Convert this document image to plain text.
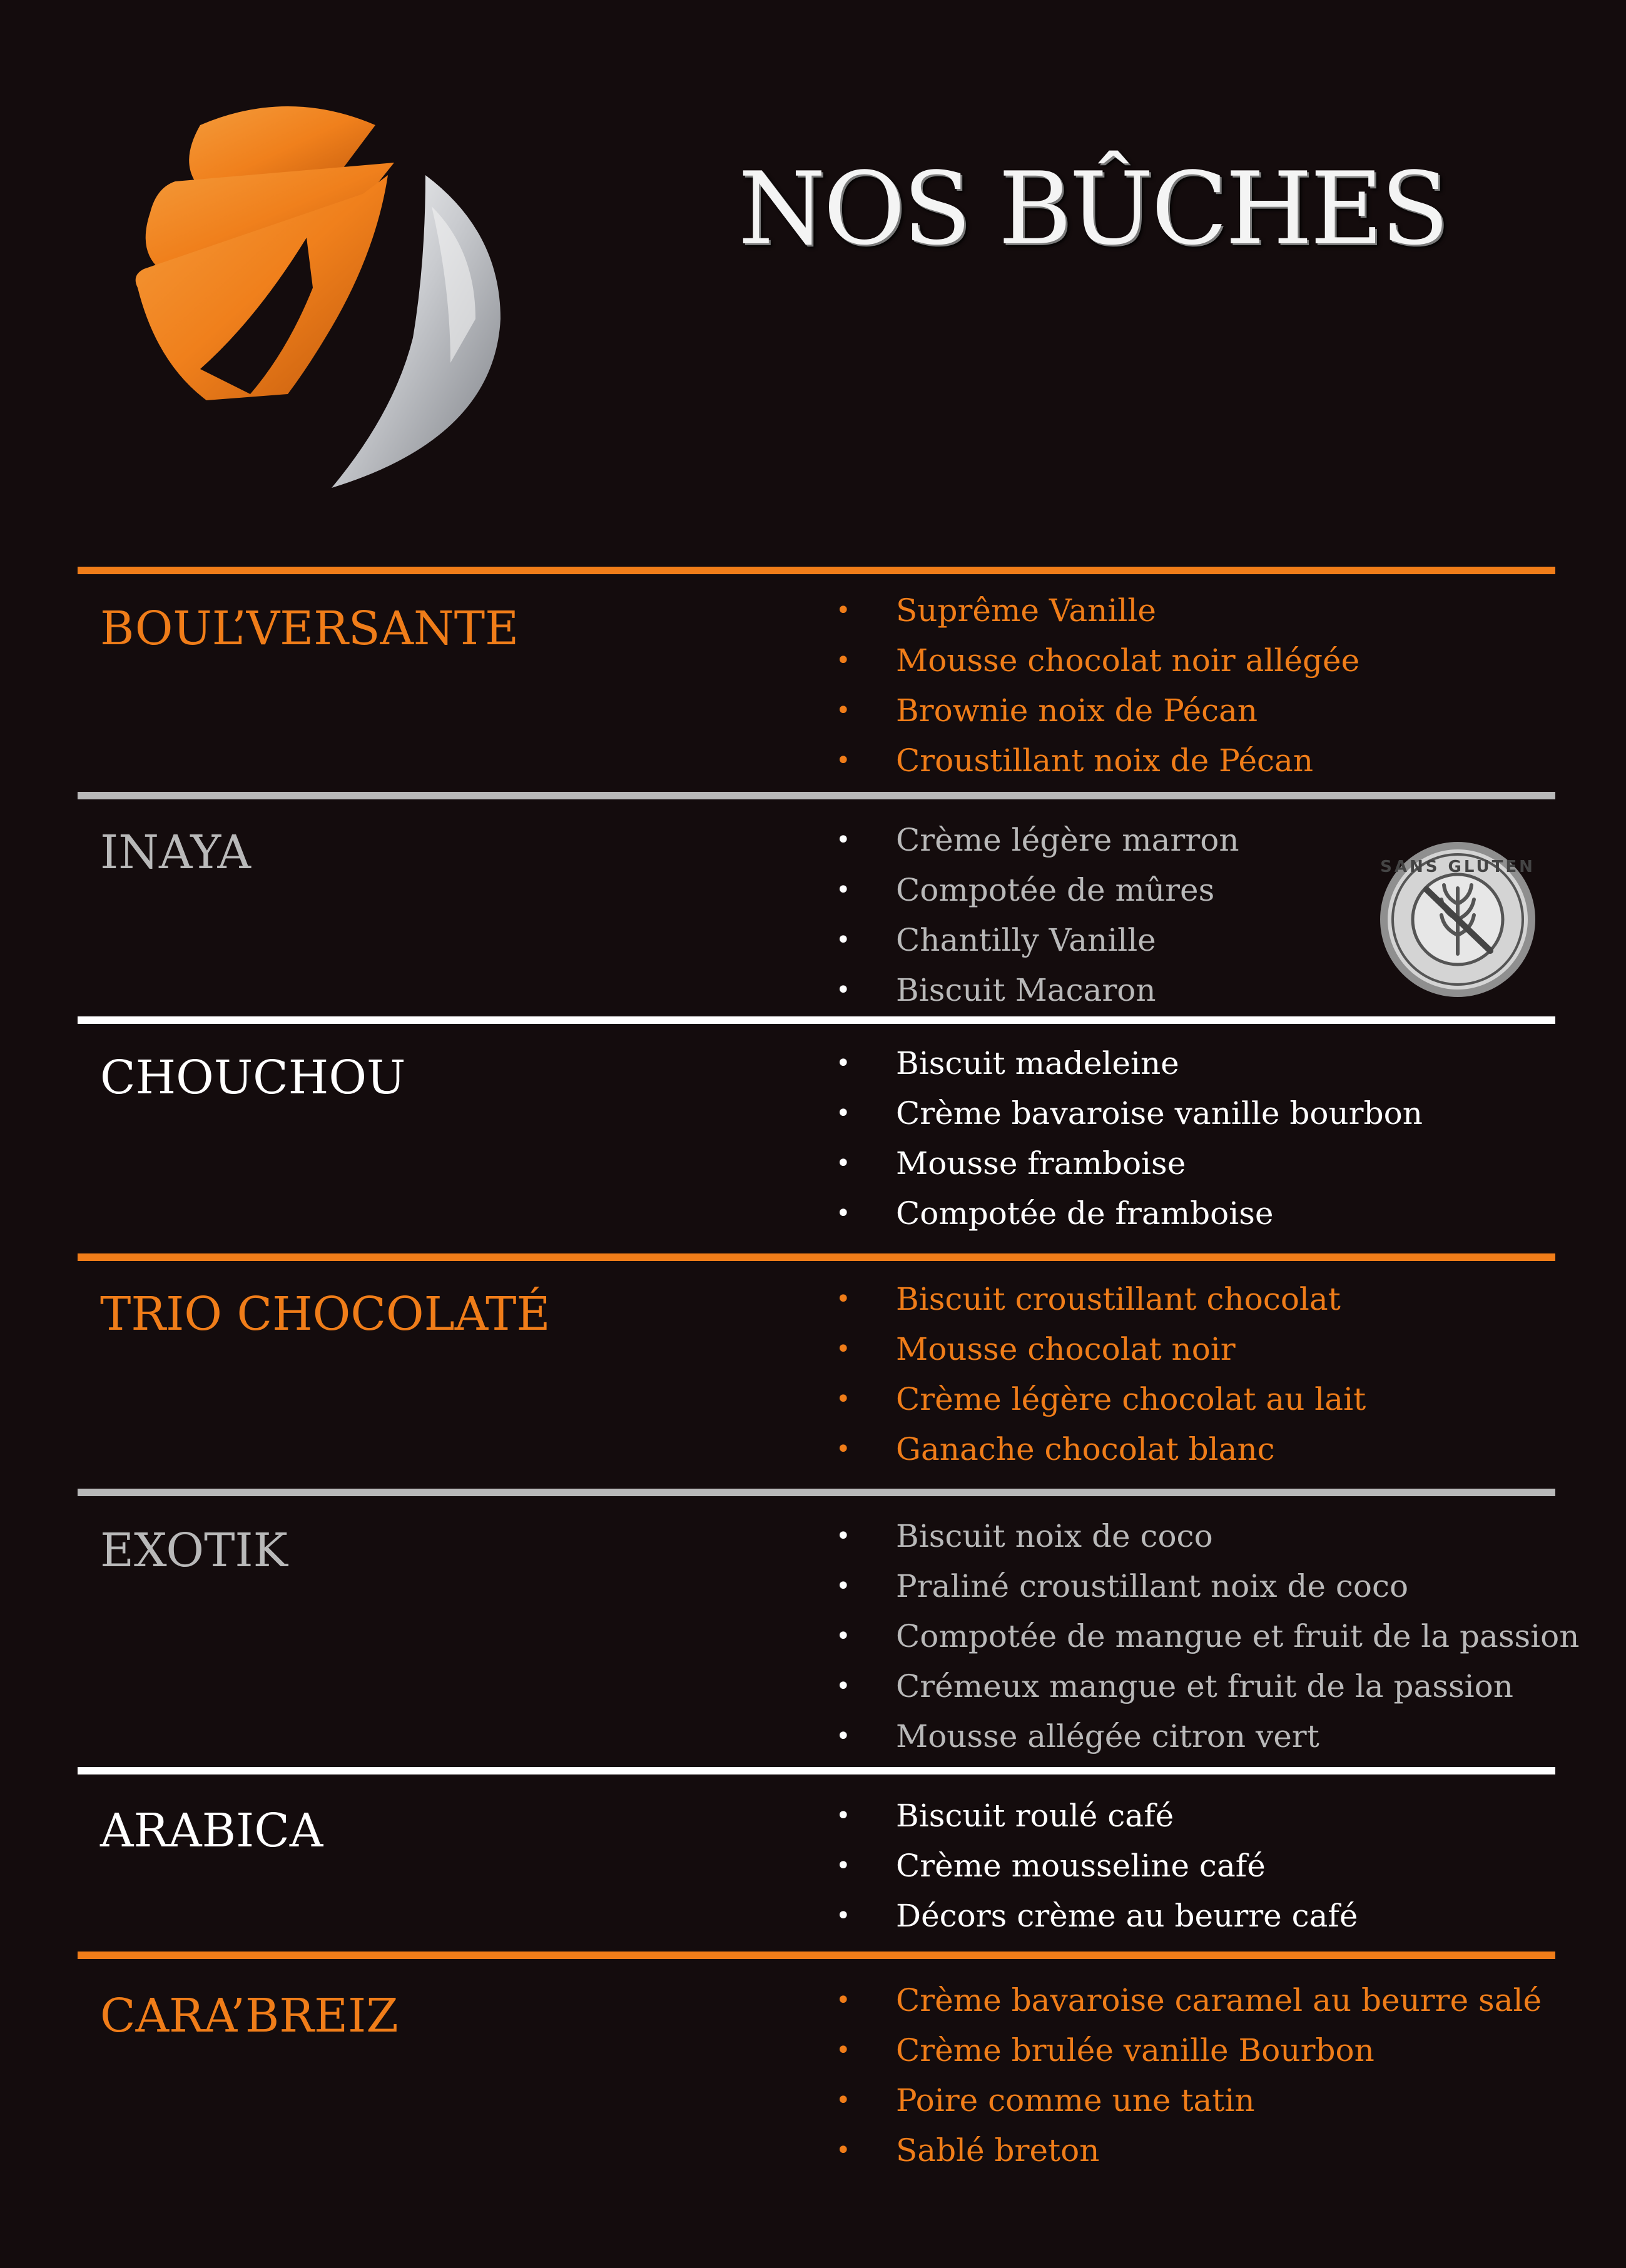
NOS BÛCHES
BOUL’VERSANTE	• Suprême Vanille
• Mousse chocolat noir allégée
• Brownie noix de Pécan
• Croustillant noix de Pécan
INAYA	• Crème légère marron
• Compotée de mûres
• Chantilly Vanille
• Biscuit Macaron
CHOUCHOU	• Biscuit madeleine
• Crème bavaroise vanille bourbon
• Mousse framboise
• Compotée de framboise
TRIO CHOCOLATÉ	• Biscuit croustillant chocolat
• Mousse chocolat noir
• Crème légère chocolat au lait
• Ganache chocolat blanc
EXOTIK	• Biscuit noix de coco
• Praliné croustillant noix de coco
• Compotée de mangue et fruit de la passion
• Crémeux mangue et fruit de la passion
• Mousse allégée citron vert
ARABICA	• Biscuit roulé café
• Crème mousseline café
• Décors crème au beurre café
CARA’BREIZ	• Crème bavaroise caramel au beurre salé
• Crème brulée vanille Bourbon
• Poire comme une tatin
• Sablé breton
SANS GLUTEN
